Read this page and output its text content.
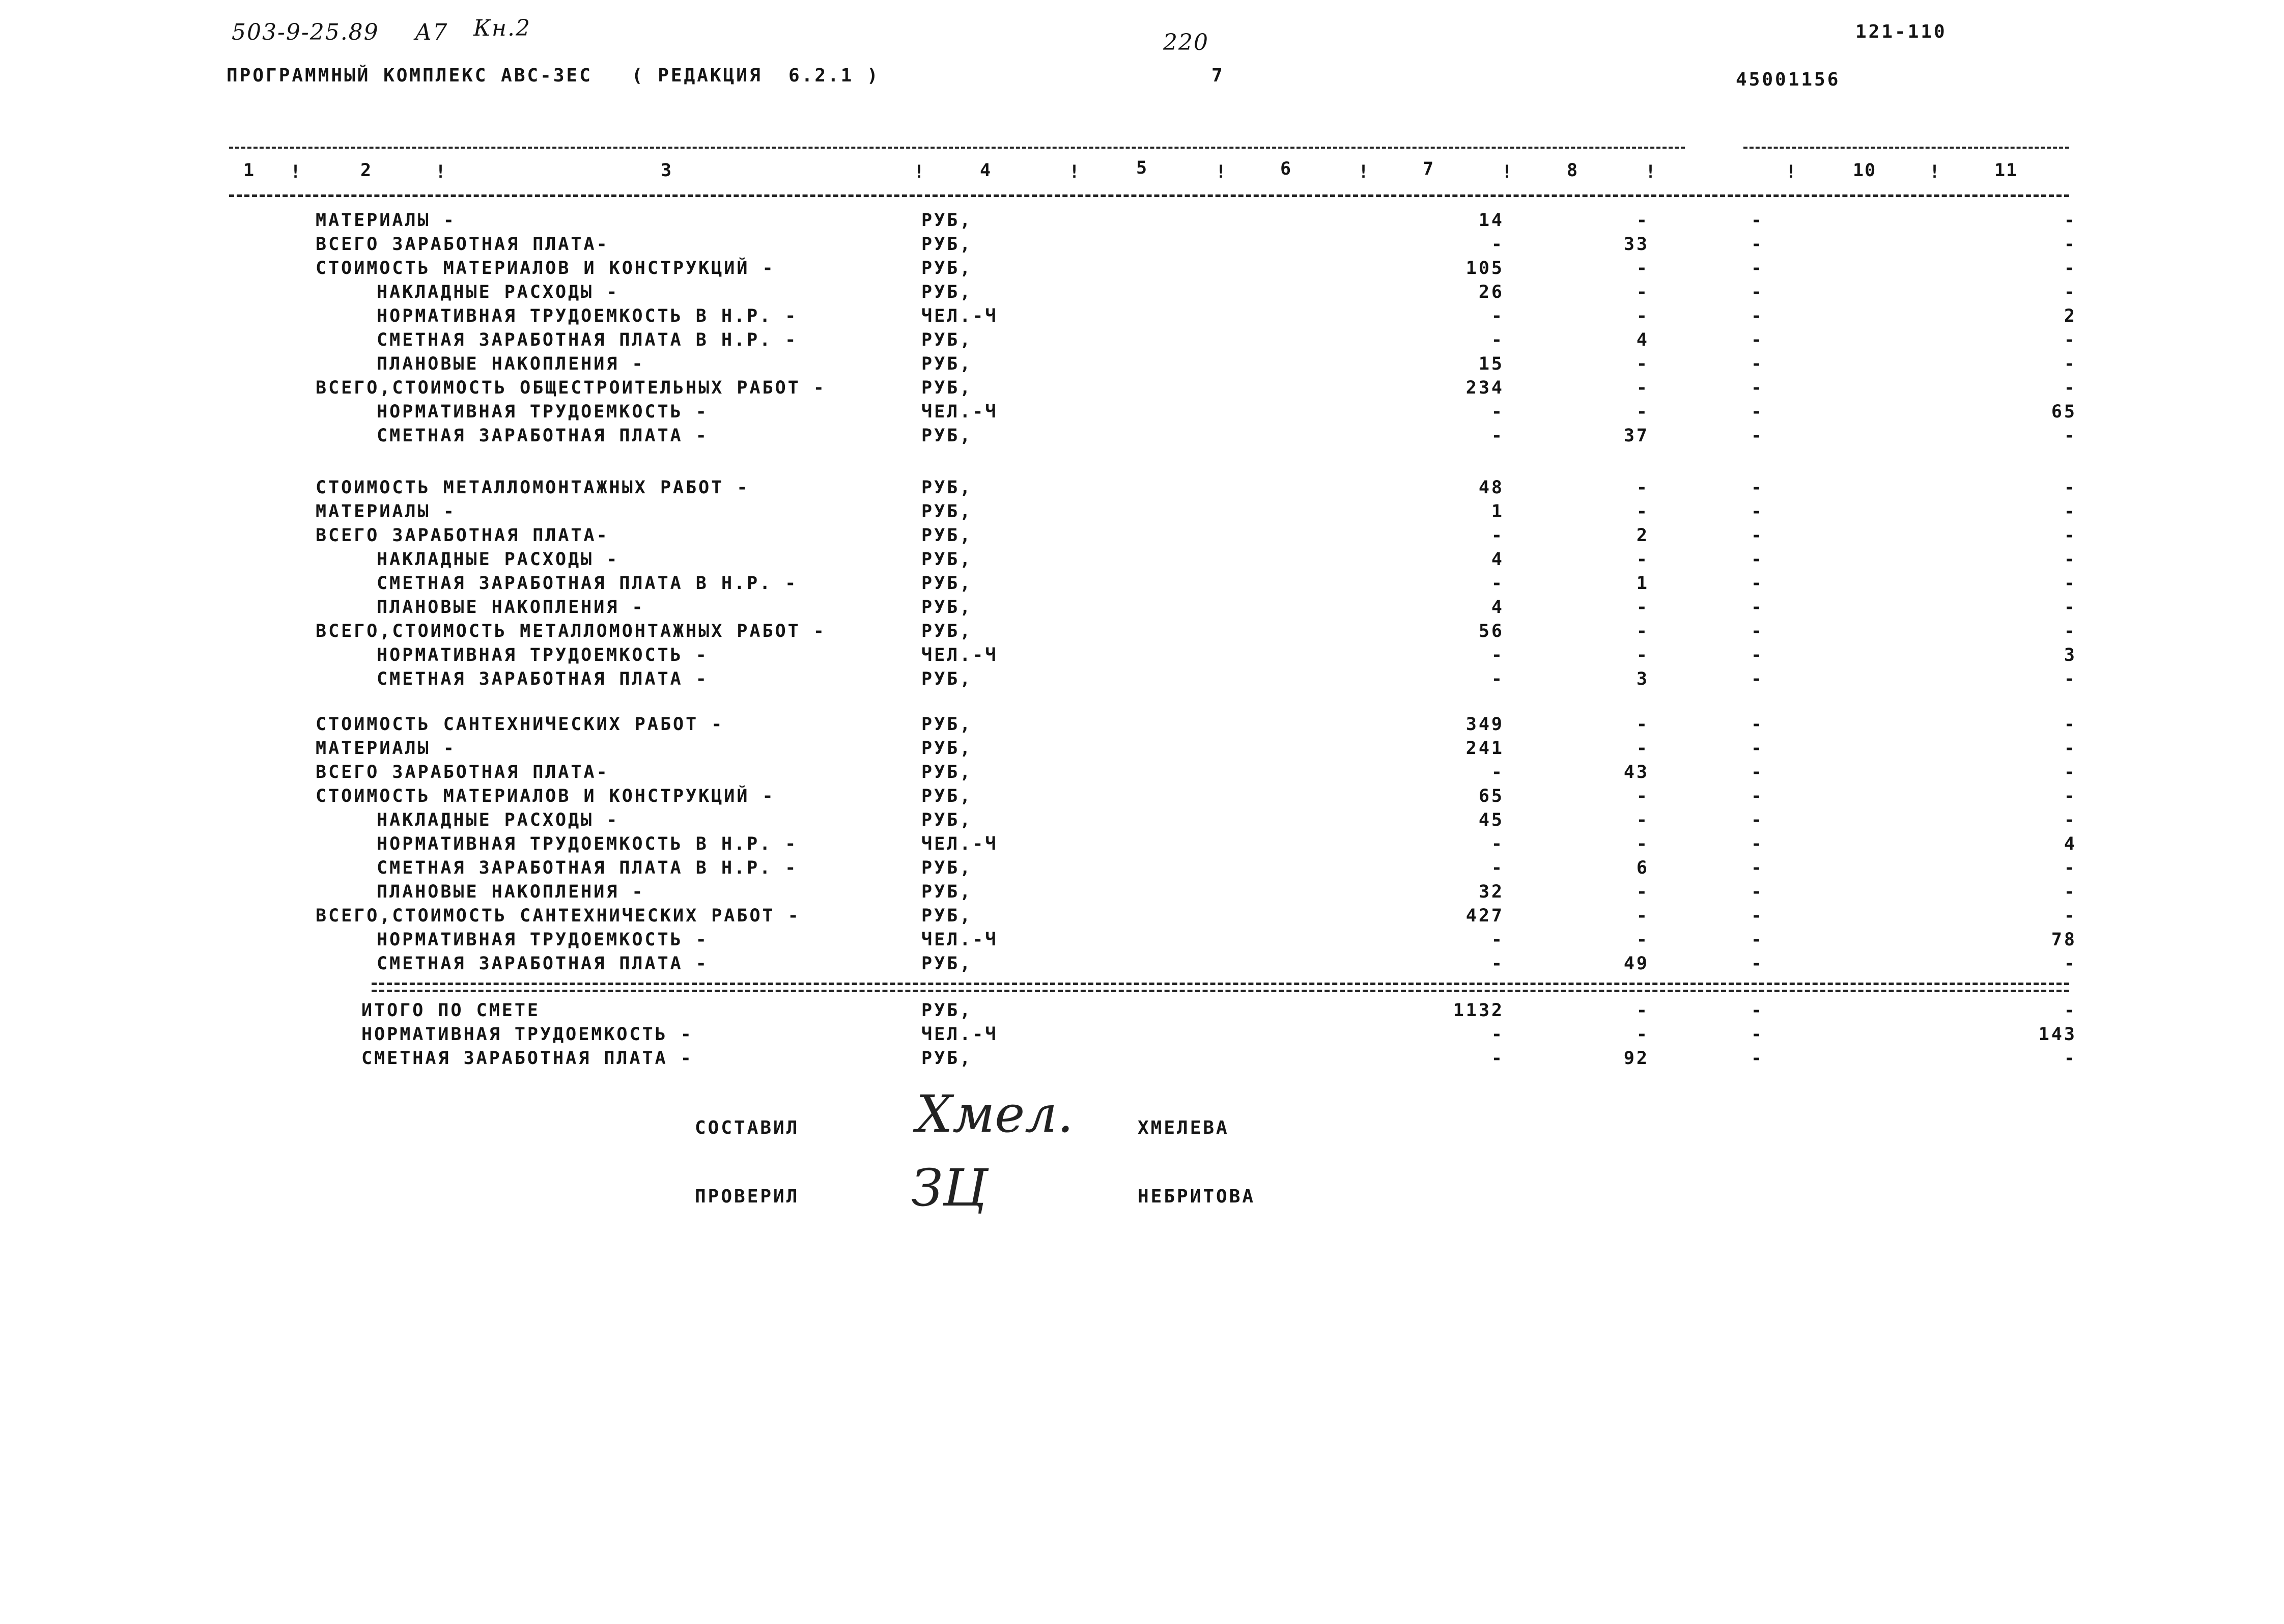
503-9-25.89 А7 Кн.2
220	121-110
ПРОГРАММНЫЙ КОМПЛЕКС АВС-3ЕС   ( РЕДАКЦИЯ  6.2.1 )	7	45001156
1 !	2	!	3	!	4	!	5	!	6	!	7	!	8	!	!	10	!	11
МАТЕРИАЛЫ -	РУБ,	14	-	-	-
ВСЕГО ЗАРАБОТНАЯ ПЛАТА-	РУБ,	-	33	-	-
СТОИМОСТЬ МАТЕРИАЛОВ И КОНСТРУКЦИЙ -	РУБ,	105	-	-	-
НАКЛАДНЫЕ РАСХОДЫ -	РУБ,	26	-	-	-
НОРМАТИВНАЯ ТРУДОЕМКОСТЬ В Н.Р. -	ЧЕЛ.-Ч	-	-	-	2
СМЕТНАЯ ЗАРАБОТНАЯ ПЛАТА В Н.Р. -	РУБ,	-	4	-	-
ПЛАНОВЫЕ НАКОПЛЕНИЯ -	РУБ,	15	-	-	-
ВСЕГО,СТОИМОСТЬ ОБЩЕСТРОИТЕЛЬНЫХ РАБОТ -	РУБ,	234	-	-	-
НОРМАТИВНАЯ ТРУДОЕМКОСТЬ -	ЧЕЛ.-Ч	-	-	-	65
СМЕТНАЯ ЗАРАБОТНАЯ ПЛАТА -	РУБ,	-	37	-	-
СТОИМОСТЬ МЕТАЛЛОМОНТАЖНЫХ РАБОТ -	РУБ,	48	-	-	-
МАТЕРИАЛЫ -	РУБ,	1	-	-	-
ВСЕГО ЗАРАБОТНАЯ ПЛАТА-	РУБ,	-	2	-	-
НАКЛАДНЫЕ РАСХОДЫ -	РУБ,	4	-	-	-
СМЕТНАЯ ЗАРАБОТНАЯ ПЛАТА В Н.Р. -	РУБ,	-	1	-	-
ПЛАНОВЫЕ НАКОПЛЕНИЯ -	РУБ,	4	-	-	-
ВСЕГО,СТОИМОСТЬ МЕТАЛЛОМОНТАЖНЫХ РАБОТ -	РУБ,	56	-	-	-
НОРМАТИВНАЯ ТРУДОЕМКОСТЬ -	ЧЕЛ.-Ч	-	-	-	3
СМЕТНАЯ ЗАРАБОТНАЯ ПЛАТА -	РУБ,	-	3	-	-
СТОИМОСТЬ САНТЕХНИЧЕСКИХ РАБОТ -	РУБ,	349	-	-	-
МАТЕРИАЛЫ -	РУБ,	241	-	-	-
ВСЕГО ЗАРАБОТНАЯ ПЛАТА-	РУБ,	-	43	-	-
СТОИМОСТЬ МАТЕРИАЛОВ И КОНСТРУКЦИЙ -	РУБ,	65	-	-	-
НАКЛАДНЫЕ РАСХОДЫ -	РУБ,	45	-	-	-
НОРМАТИВНАЯ ТРУДОЕМКОСТЬ В Н.Р. -	ЧЕЛ.-Ч	-	-	-	4
СМЕТНАЯ ЗАРАБОТНАЯ ПЛАТА В Н.Р. -	РУБ,	-	6	-	-
ПЛАНОВЫЕ НАКОПЛЕНИЯ -	РУБ,	32	-	-	-
ВСЕГО,СТОИМОСТЬ САНТЕХНИЧЕСКИХ РАБОТ -	РУБ,	427	-	-	-
НОРМАТИВНАЯ ТРУДОЕМКОСТЬ -	ЧЕЛ.-Ч	-	-	-	78
СМЕТНАЯ ЗАРАБОТНАЯ ПЛАТА -	РУБ,	-	49	-	-
ИТОГО ПО СМЕТЕ	РУБ,	1132	-	-	-
НОРМАТИВНАЯ ТРУДОЕМКОСТЬ -	ЧЕЛ.-Ч	-	-	-	143
СМЕТНАЯ ЗАРАБОТНАЯ ПЛАТА -	РУБ,	-	92	-	-
СОСТАВИЛ Хмел.	ХМЕЛЕВА
ПРОВЕРИЛ ЗЦ	НЕБРИТОВА
